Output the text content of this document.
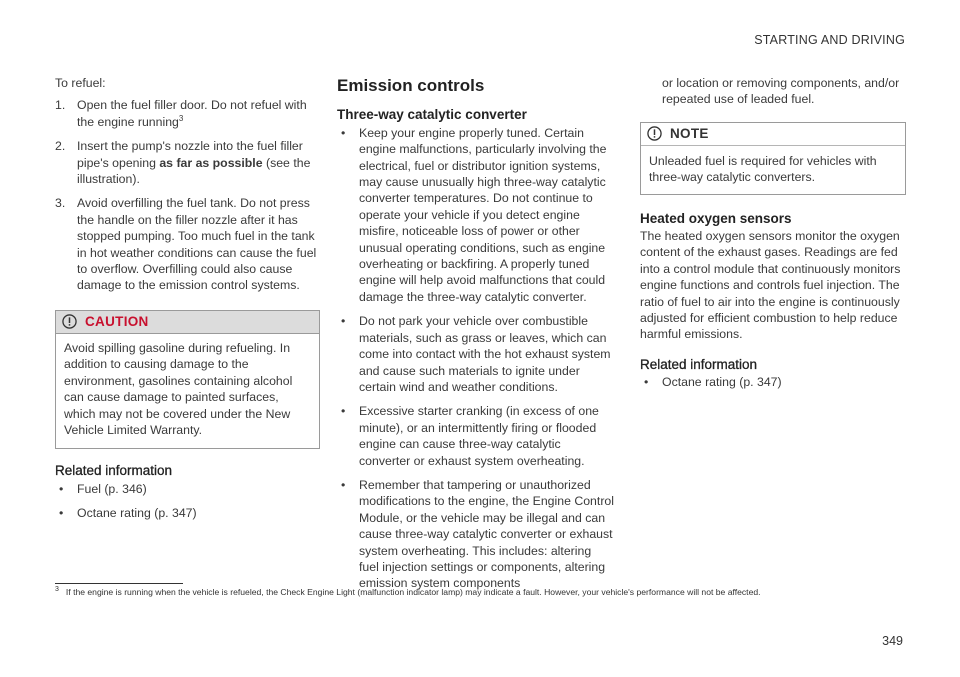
STARTING AND DRIVING

To refuel:

1. Open the fuel filler door. Do not refuel with the engine running$^3$
2. Insert the pump's nozzle into the fuel filler pipe's opening as far as possible (see the illustration).
3. Avoid overfilling the fuel tank. Do not press the handle on the filler nozzle after it has stopped pumping. Too much fuel in the tank in hot weather conditions can cause the fuel to overflow. Overfilling could also cause damage to the emission control systems.
CAUTION
Avoid spilling gasoline during refueling. In addition to causing damage to the environment, gasolines containing alcohol can cause damage to painted surfaces, which may not be covered under the New Vehicle Limited Warranty.
Related information
• Fuel (p. 346)
• Octane rating (p. 347)
Emission controls
Three-way catalytic converter
• Keep your engine properly tuned. Certain engine malfunctions, particularly involving the electrical, fuel or distributor ignition systems, may cause unusually high three-way catalytic converter temperatures. Do not continue to operate your vehicle if you detect engine misfire, noticeable loss of power or other unusual operating conditions, such as engine overheating or backfiring. A properly tuned engine will help avoid malfunctions that could damage the three-way catalytic converter.
• Do not park your vehicle over combustible materials, such as grass or leaves, which can come into contact with the hot exhaust system and cause such materials to ignite under certain wind and weather conditions.
• Excessive starter cranking (in excess of one minute), or an intermittently firing or flooded engine can cause three-way catalytic converter or exhaust system overheating.
• Remember that tampering or unauthorized modifications to the engine, the Engine Control Module, or the vehicle may be illegal and can cause three-way catalytic converter or exhaust system overheating. This includes: altering fuel injection settings or components, altering emission system components

or location or removing components, and/or repeated use of leaded fuel.

NOTE
Unleaded fuel is required for vehicles with three-way catalytic converters.
Heated oxygen sensors

The heated oxygen sensors monitor the oxygen content of the exhaust gases. Readings are fed into a control module that continuously monitors engine functions and controls fuel injection. The ratio of fuel to air into the engine is continuously adjusted for efficient combustion to help reduce harmful emissions.

Related information
• Octane rating (p. 347)
$^3$ If the engine is running when the vehicle is refueled, the Check Engine Light (malfunction indicator lamp) may indicate a fault. However, your vehicle's performance will not be affected.
349
